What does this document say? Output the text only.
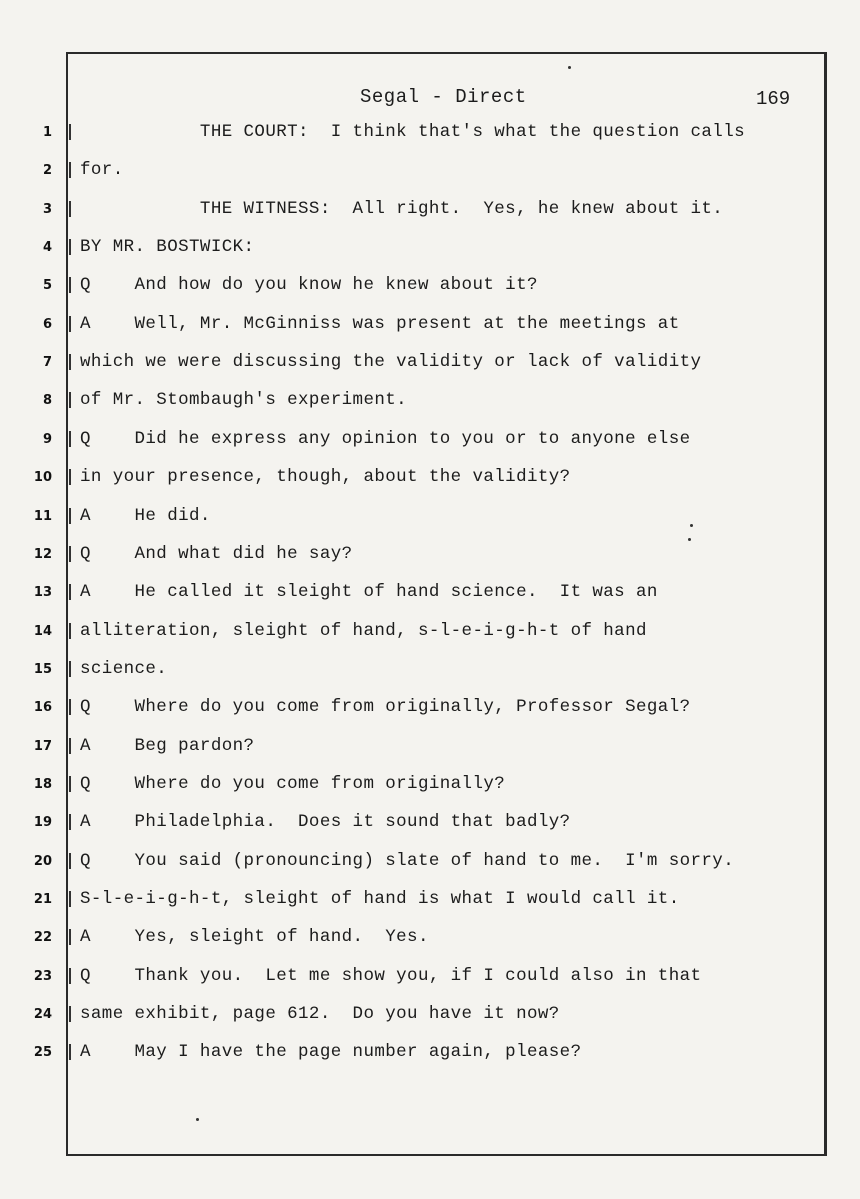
Segal - Direct	169
1 THE COURT:  I think that's what the question calls
2 for.
3 THE WITNESS:  All right.  Yes, he knew about it.
4 BY MR. BOSTWICK:
5 Q    And how do you know he knew about it?
6 A    Well, Mr. McGinniss was present at the meetings at
7 which we were discussing the validity or lack of validity
8 of Mr. Stombaugh's experiment.
9 Q    Did he express any opinion to you or to anyone else
10 in your presence, though, about the validity?
11 A    He did.
12 Q    And what did he say?
13 A    He called it sleight of hand science.  It was an
14 alliteration, sleight of hand, s-l-e-i-g-h-t of hand
15 science.
16 Q    Where do you come from originally, Professor Segal?
17 A    Beg pardon?
18 Q    Where do you come from originally?
19 A    Philadelphia.  Does it sound that badly?
20 Q    You said (pronouncing) slate of hand to me.  I'm sorry.
21 S-l-e-i-g-h-t, sleight of hand is what I would call it.
22 A    Yes, sleight of hand.  Yes.
23 Q    Thank you.  Let me show you, if I could also in that
24 same exhibit, page 612.  Do you have it now?
25 A    May I have the page number again, please?
